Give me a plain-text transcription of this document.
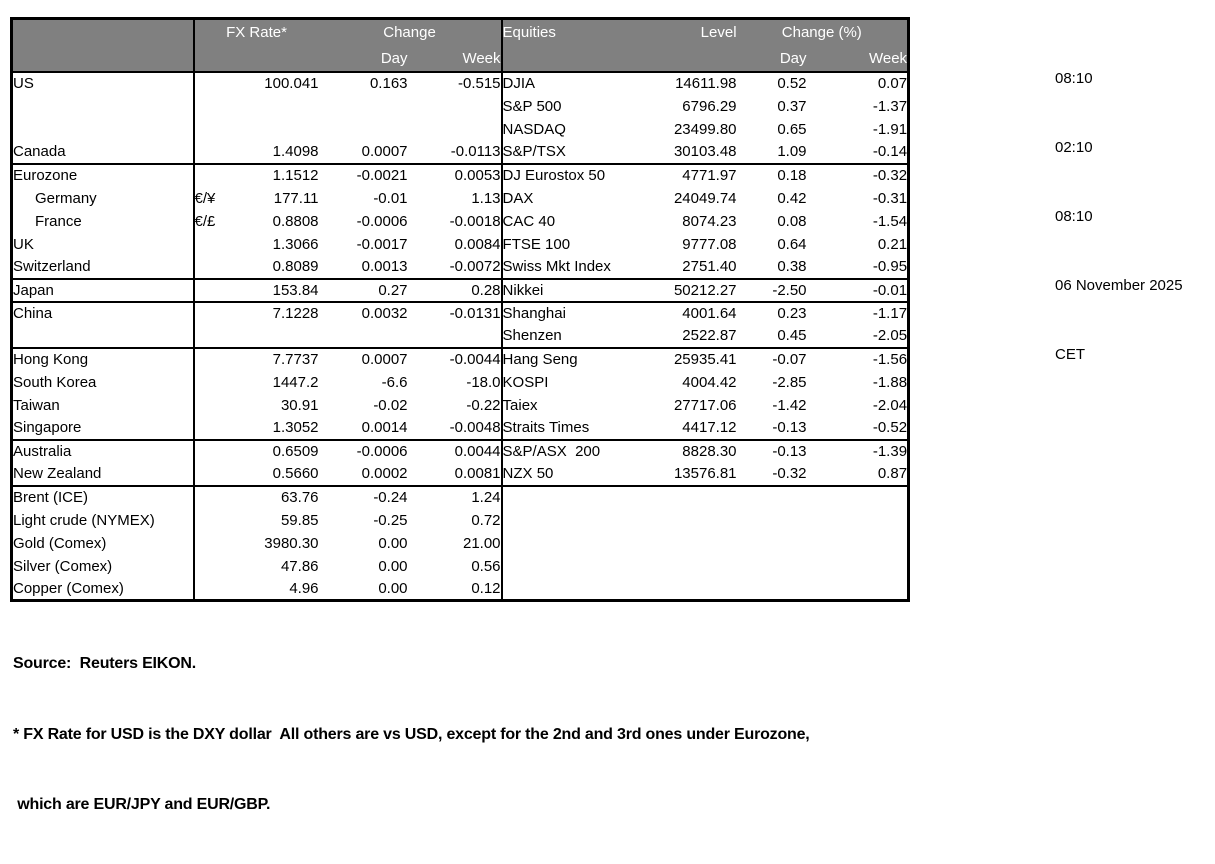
	FX Rate*		Change		Equities	Level	Change (%)	
			Day	Week			Day	Week
US		100.041	0.163	-0.515	DJIA	14611.98	0.52	0.07
					S&P 500	6796.29	0.37	-1.37
					NASDAQ	23499.80	0.65	-1.91
Canada		1.4098	0.0007	-0.0113	S&P/TSX	30103.48	1.09	-0.14
Eurozone		1.1512	-0.0021	0.0053	DJ Eurostox 50	4771.97	0.18	-0.32
Germany	€/¥	177.11	-0.01	1.13	DAX	24049.74	0.42	-0.31
France	€/£	0.8808	-0.0006	-0.0018	CAC 40	8074.23	0.08	-1.54
UK		1.3066	-0.0017	0.0084	FTSE 100	9777.08	0.64	0.21
Switzerland		0.8089	0.0013	-0.0072	Swiss Mkt Index	2751.40	0.38	-0.95
Japan		153.84	0.27	0.28	Nikkei	50212.27	-2.50	-0.01
China		7.1228	0.0032	-0.0131	Shanghai	4001.64	0.23	-1.17
					Shenzen	2522.87	0.45	-2.05
Hong Kong		7.7737	0.0007	-0.0044	Hang Seng	25935.41	-0.07	-1.56
South Korea		1447.2	-6.6	-18.0	KOSPI	4004.42	-2.85	-1.88
Taiwan		30.91	-0.02	-0.22	Taiex	27717.06	-1.42	-2.04
Singapore		1.3052	0.0014	-0.0048	Straits Times	4417.12	-0.13	-0.52
Australia		0.6509	-0.0006	0.0044	S&P/ASX  200	8828.30	-0.13	-1.39
New Zealand		0.5660	0.0002	0.0081	NZX 50	13576.81	-0.32	0.87
Brent (ICE)		63.76	-0.24	1.24				
Light crude (NYMEX)		59.85	-0.25	0.72				
Gold (Comex)		3980.30	0.00	21.00				
Silver (Comex)		47.86	0.00	0.56				
Copper (Comex)		4.96	0.00	0.12				

08:10

02:10

08:10

06 November 2025

CET

Source:  Reuters EIKON.

* FX Rate for USD is the DXY dollar  All others are vs USD, except for the 2nd and 3rd ones under Eurozone,

which are EUR/JPY and EUR/GBP.
